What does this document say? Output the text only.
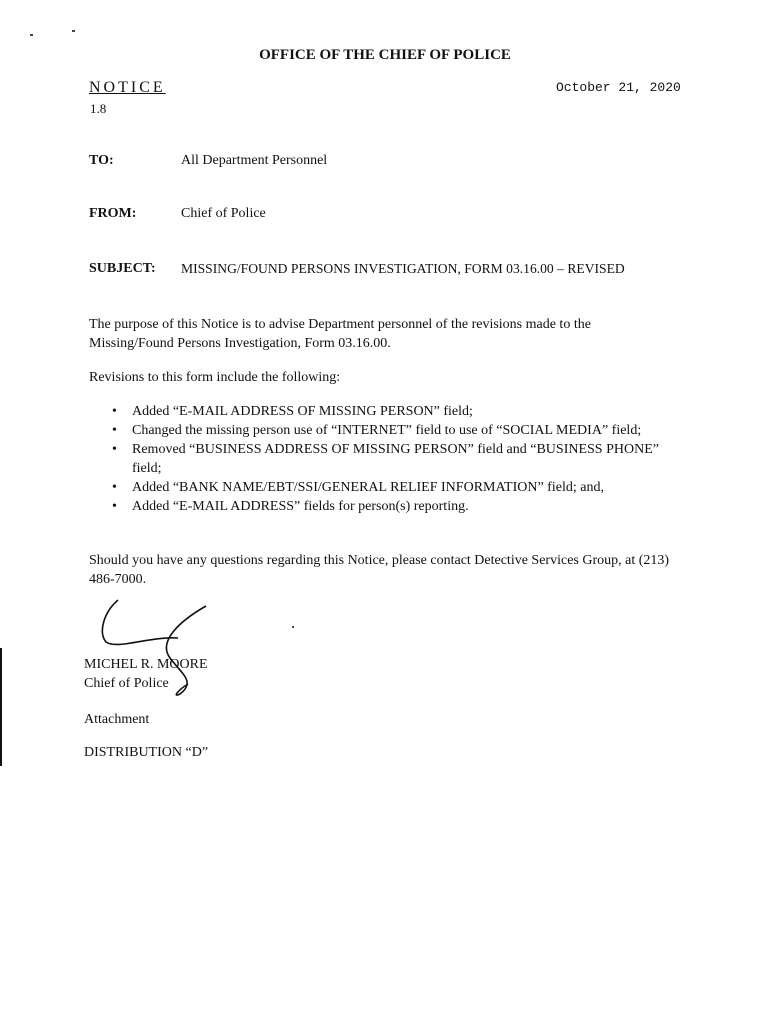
OFFICE OF THE CHIEF OF POLICE
NOTICE
1.8
October 21, 2020
TO:	All Department Personnel
FROM:	Chief of Police
SUBJECT: MISSING/FOUND PERSONS INVESTIGATION, FORM 03.16.00 – REVISED
The purpose of this Notice is to advise Department personnel of the revisions made to the Missing/Found Persons Investigation, Form 03.16.00.
Revisions to this form include the following:
• Added “E-MAIL ADDRESS OF MISSING PERSON” field;
• Changed the missing person use of “INTERNET” field to use of “SOCIAL MEDIA” field;
• Removed “BUSINESS ADDRESS OF MISSING PERSON” field and “BUSINESS PHONE” field;
• Added “BANK NAME/EBT/SSI/GENERAL RELIEF INFORMATION” field; and,
• Added “E-MAIL ADDRESS” fields for person(s) reporting.
Should you have any questions regarding this Notice, please contact Detective Services Group, at (213) 486-7000.
MICHEL R. MOORE
Chief of Police
Attachment
DISTRIBUTION “D”
